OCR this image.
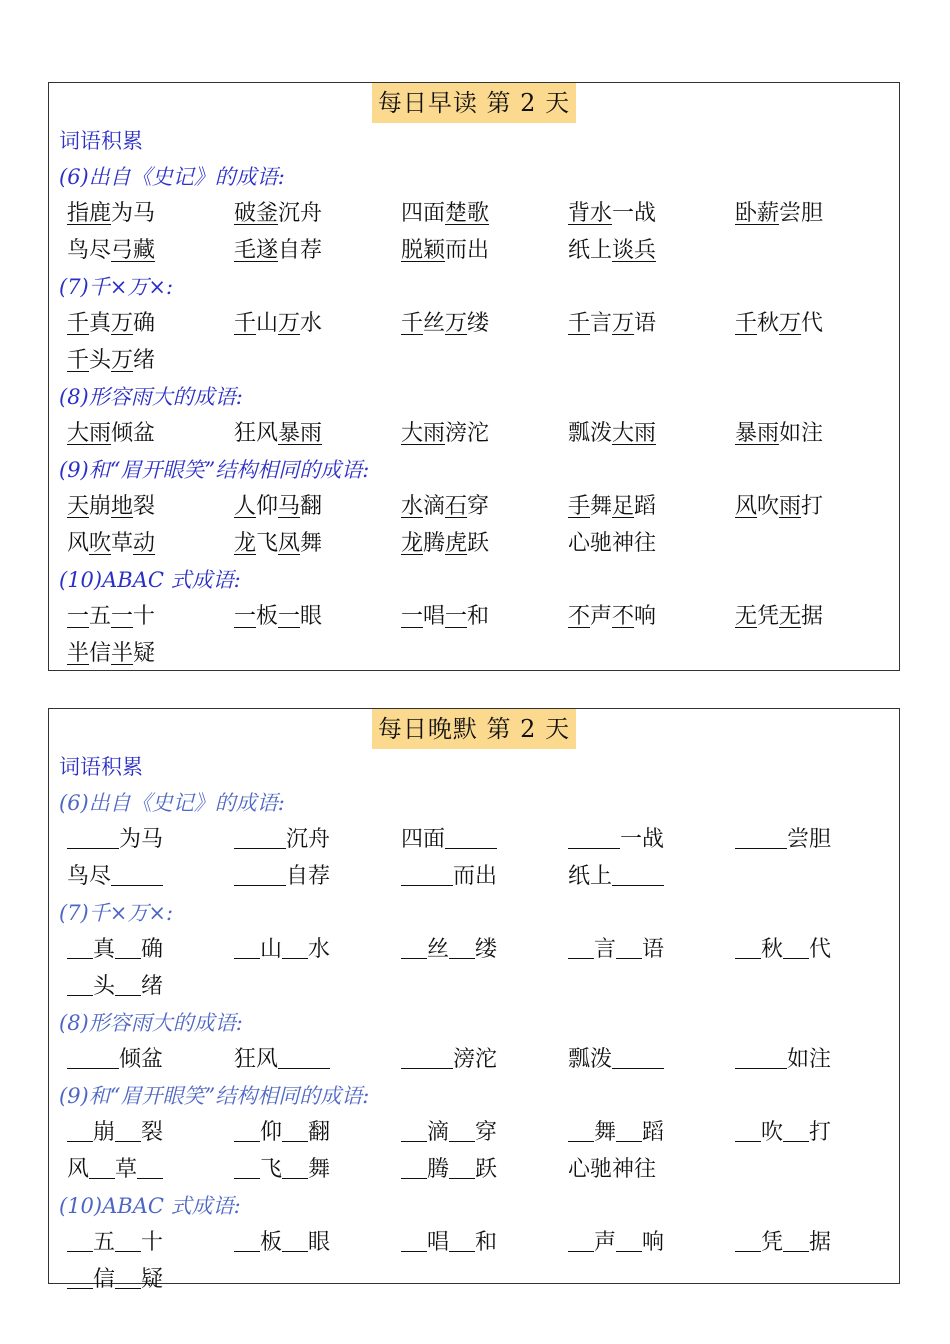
每日早读 第 2 天
词语积累
(6)出自《史记》的成语:
指鹿为马	破釜沉舟	四面楚歌	背水一战	卧薪尝胆
鸟尽弓藏	毛遂自荐	脱颖而出	纸上谈兵
(7)千×万×:
千真万确	千山万水	千丝万缕	千言万语	千秋万代
千头万绪
(8)形容雨大的成语:
大雨倾盆	狂风暴雨	大雨滂沱	瓢泼大雨	暴雨如注
(9)和“眉开眼笑”结构相同的成语:
天崩地裂	人仰马翻	水滴石穿	手舞足蹈	风吹雨打
风吹草动	龙飞凤舞	龙腾虎跃	心驰神往
(10)ABAC 式成语:
一五一十	一板一眼	一唱一和	不声不响	无凭无据
半信半疑
每日晚默 第 2 天
词语积累
(6)出自《史记》的成语:
为马	沉舟	四面	一战	尝胆
鸟尽	自荐	而出	纸上
(7)千×万×:
真 确	山 水	丝 缕	言 语	秋 代
头 绪
(8)形容雨大的成语:
倾盆	狂风	滂沱	瓢泼	如注
(9)和“眉开眼笑”结构相同的成语:
崩 裂	仰 翻	滴 穿	舞 蹈	吹 打
风 草	飞 舞	腾 跃	心驰神往
(10)ABAC 式成语:
五 十	板 眼	唱 和	声 响	凭 据
信 疑
